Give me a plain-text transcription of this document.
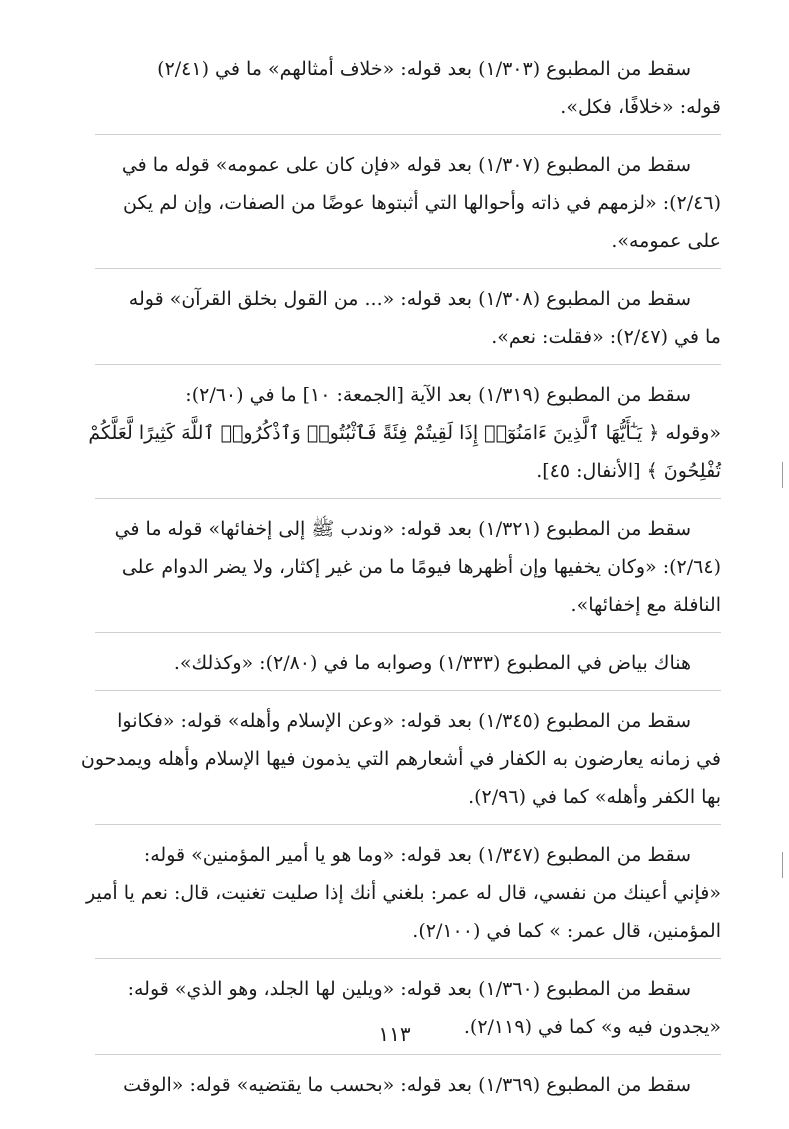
سقط من المطبوع (١/٣٠٣) بعد قوله: «خلاف أمثالهم» ما في (٢/٤١)
قوله: «خلافًا، فكل».
سقط من المطبوع (١/٣٠٧) بعد قوله «فإن كان على عمومه» قوله ما في
(٢/٤٦): «لزمهم في ذاته وأحوالها التي أثبتوها عوضًا من الصفات، وإن لم يكن
على عمومه».
سقط من المطبوع (١/٣٠٨) بعد قوله: «... من القول بخلق القرآن» قوله
ما في (٢/٤٧): «فقلت: نعم».
سقط من المطبوع (١/٣١٩) بعد الآية [الجمعة: ١٠] ما في (٢/٦٠):
«وقوله ﴿ يَـٰٓأَيُّهَا ٱلَّذِينَ ءَامَنُوٓا۟ إِذَا لَقِيتُمْ فِئَةً فَٱثْبُتُوا۟ وَٱذْكُرُوا۟ ٱللَّهَ كَثِيرًا لَّعَلَّكُمْ
تُفْلِحُونَ ﴾ [الأنفال: ٤٥].
سقط من المطبوع (١/٣٢١) بعد قوله: «وندب ﷺ إلى إخفائها» قوله ما في
(٢/٦٤): «وكان يخفيها وإن أظهرها فيومًا ما من غير إكثار، ولا يضر الدوام على
النافلة مع إخفائها».
هناك بياض في المطبوع (١/٣٣٣) وصوابه ما في (٢/٨٠): «وكذلك».
سقط من المطبوع (١/٣٤٥) بعد قوله: «وعن الإسلام وأهله» قوله: «فكانوا
في زمانه يعارضون به الكفار في أشعارهم التي يذمون فيها الإسلام وأهله ويمدحون
بها الكفر وأهله» كما في (٢/٩٦).
سقط من المطبوع (١/٣٤٧) بعد قوله: «وما هو يا أمير المؤمنين» قوله:
«فإني أعينك من نفسي، قال له عمر: بلغني أنك إذا صليت تغنيت، قال: نعم يا أمير
المؤمنين، قال عمر: » كما في (٢/١٠٠).
سقط من المطبوع (١/٣٦٠) بعد قوله: «ويلين لها الجلد، وهو الذي» قوله:
«يجدون فيه و» كما في (٢/١١٩).
سقط من المطبوع (١/٣٦٩) بعد قوله: «بحسب ما يقتضيه» قوله: «الوقت
١١٣
